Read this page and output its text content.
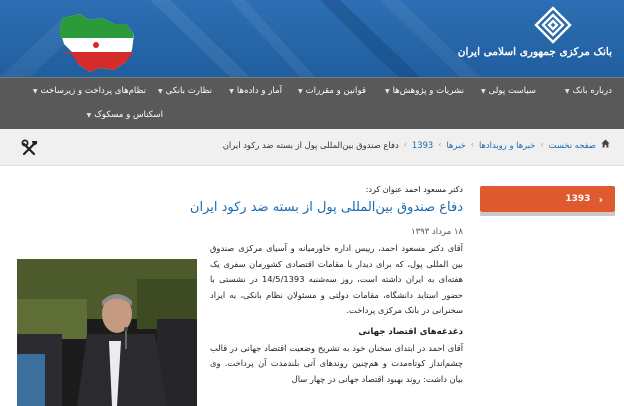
بانک مرکزی جمهوری اسلامی ایران
درباره بانک
▼
سیاست پولی
▼
نشریات و پژوهش‌ها
▼
قوانین و مقررات
▼
آمار و داده‌ها
▼
نظارت بانکی
▼
نظام‌های پرداخت و زیرساخت
▼
اسکناس و مسکوک
▼
صفحه نخست
›
خبرها و رویدادها
›
خبرها
›
1393
›
دفاع صندوق بین‌المللی پول از بسته ضد رکود ایران
‹
1393
دکتر مسعود احمد عنوان کرد:
دفاع صندوق بین‌المللی پول از بسته ضد رکود ایران
۱۸ مرداد ۱۳۹۳

آقای دکتر مسعود احمد، رییس اداره خاورمیانه و آسیای مرکزی صندوق بین المللی پول، که برای دیدار با مقامات اقتصادی کشورمان سفری یک هفته‌ای به ایران داشته است، روز سه‌شنبه 14/5/1393 در نشستی با حضور استاید دانشگاه، مقامات دولتی و مسئولان نظام بانکی، به ایراد سخنرانی در بانک مرکزی پرداخت.

دغدغه‌های اقتصاد جهانی

آقای احمد در ابتدای سخنان خود به تشریح وضعیت اقتصاد جهانی در قالب چشم‌انداز کوتاه‌مدت و هم‌چنین روندهای آتی بلندمدت آن پرداخت. وی بیان داشت: روند بهبود اقتصاد جهانی در چهار سال
